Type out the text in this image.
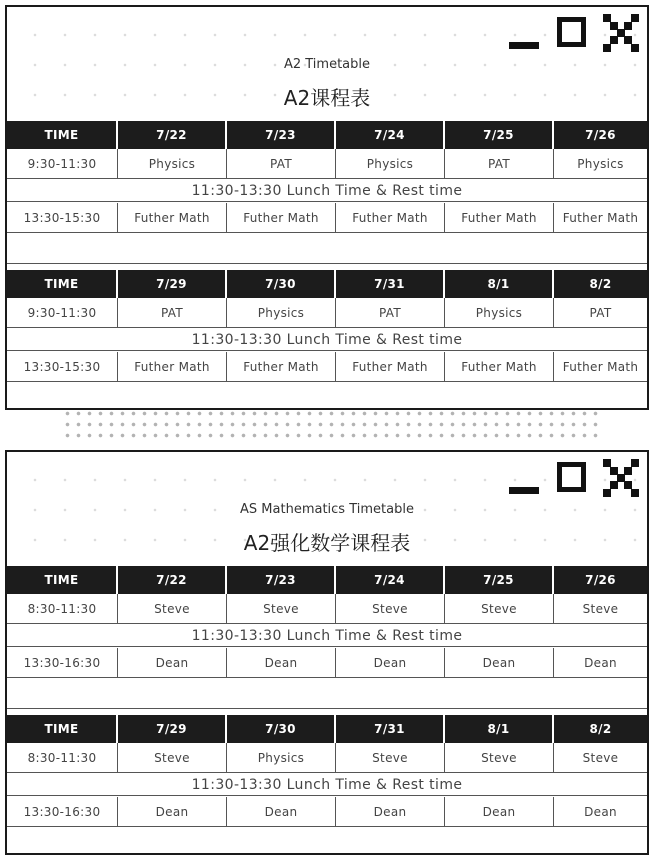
A2 Timetable
A2课程表
TIME	7/22	7/23	7/24	7/25	7/26
9:30-11:30	Physics	PAT	Physics	PAT	Physics
11:30-13:30 Lunch Time & Rest time
13:30-15:30	Futher Math	Futher Math	Futher Math	Futher Math	Futher Math
TIME	7/29	7/30	7/31	8/1	8/2
9:30-11:30	PAT	Physics	PAT	Physics	PAT
11:30-13:30 Lunch Time & Rest time
13:30-15:30	Futher Math	Futher Math	Futher Math	Futher Math	Futher Math
AS Mathematics Timetable
A2强化数学课程表
TIME	7/22	7/23	7/24	7/25	7/26
8:30-11:30	Steve	Steve	Steve	Steve	Steve
11:30-13:30 Lunch Time & Rest time
13:30-16:30	Dean	Dean	Dean	Dean	Dean
TIME	7/29	7/30	7/31	8/1	8/2
8:30-11:30	Steve	Physics	Steve	Steve	Steve
11:30-13:30 Lunch Time & Rest time
13:30-16:30	Dean	Dean	Dean	Dean	Dean
